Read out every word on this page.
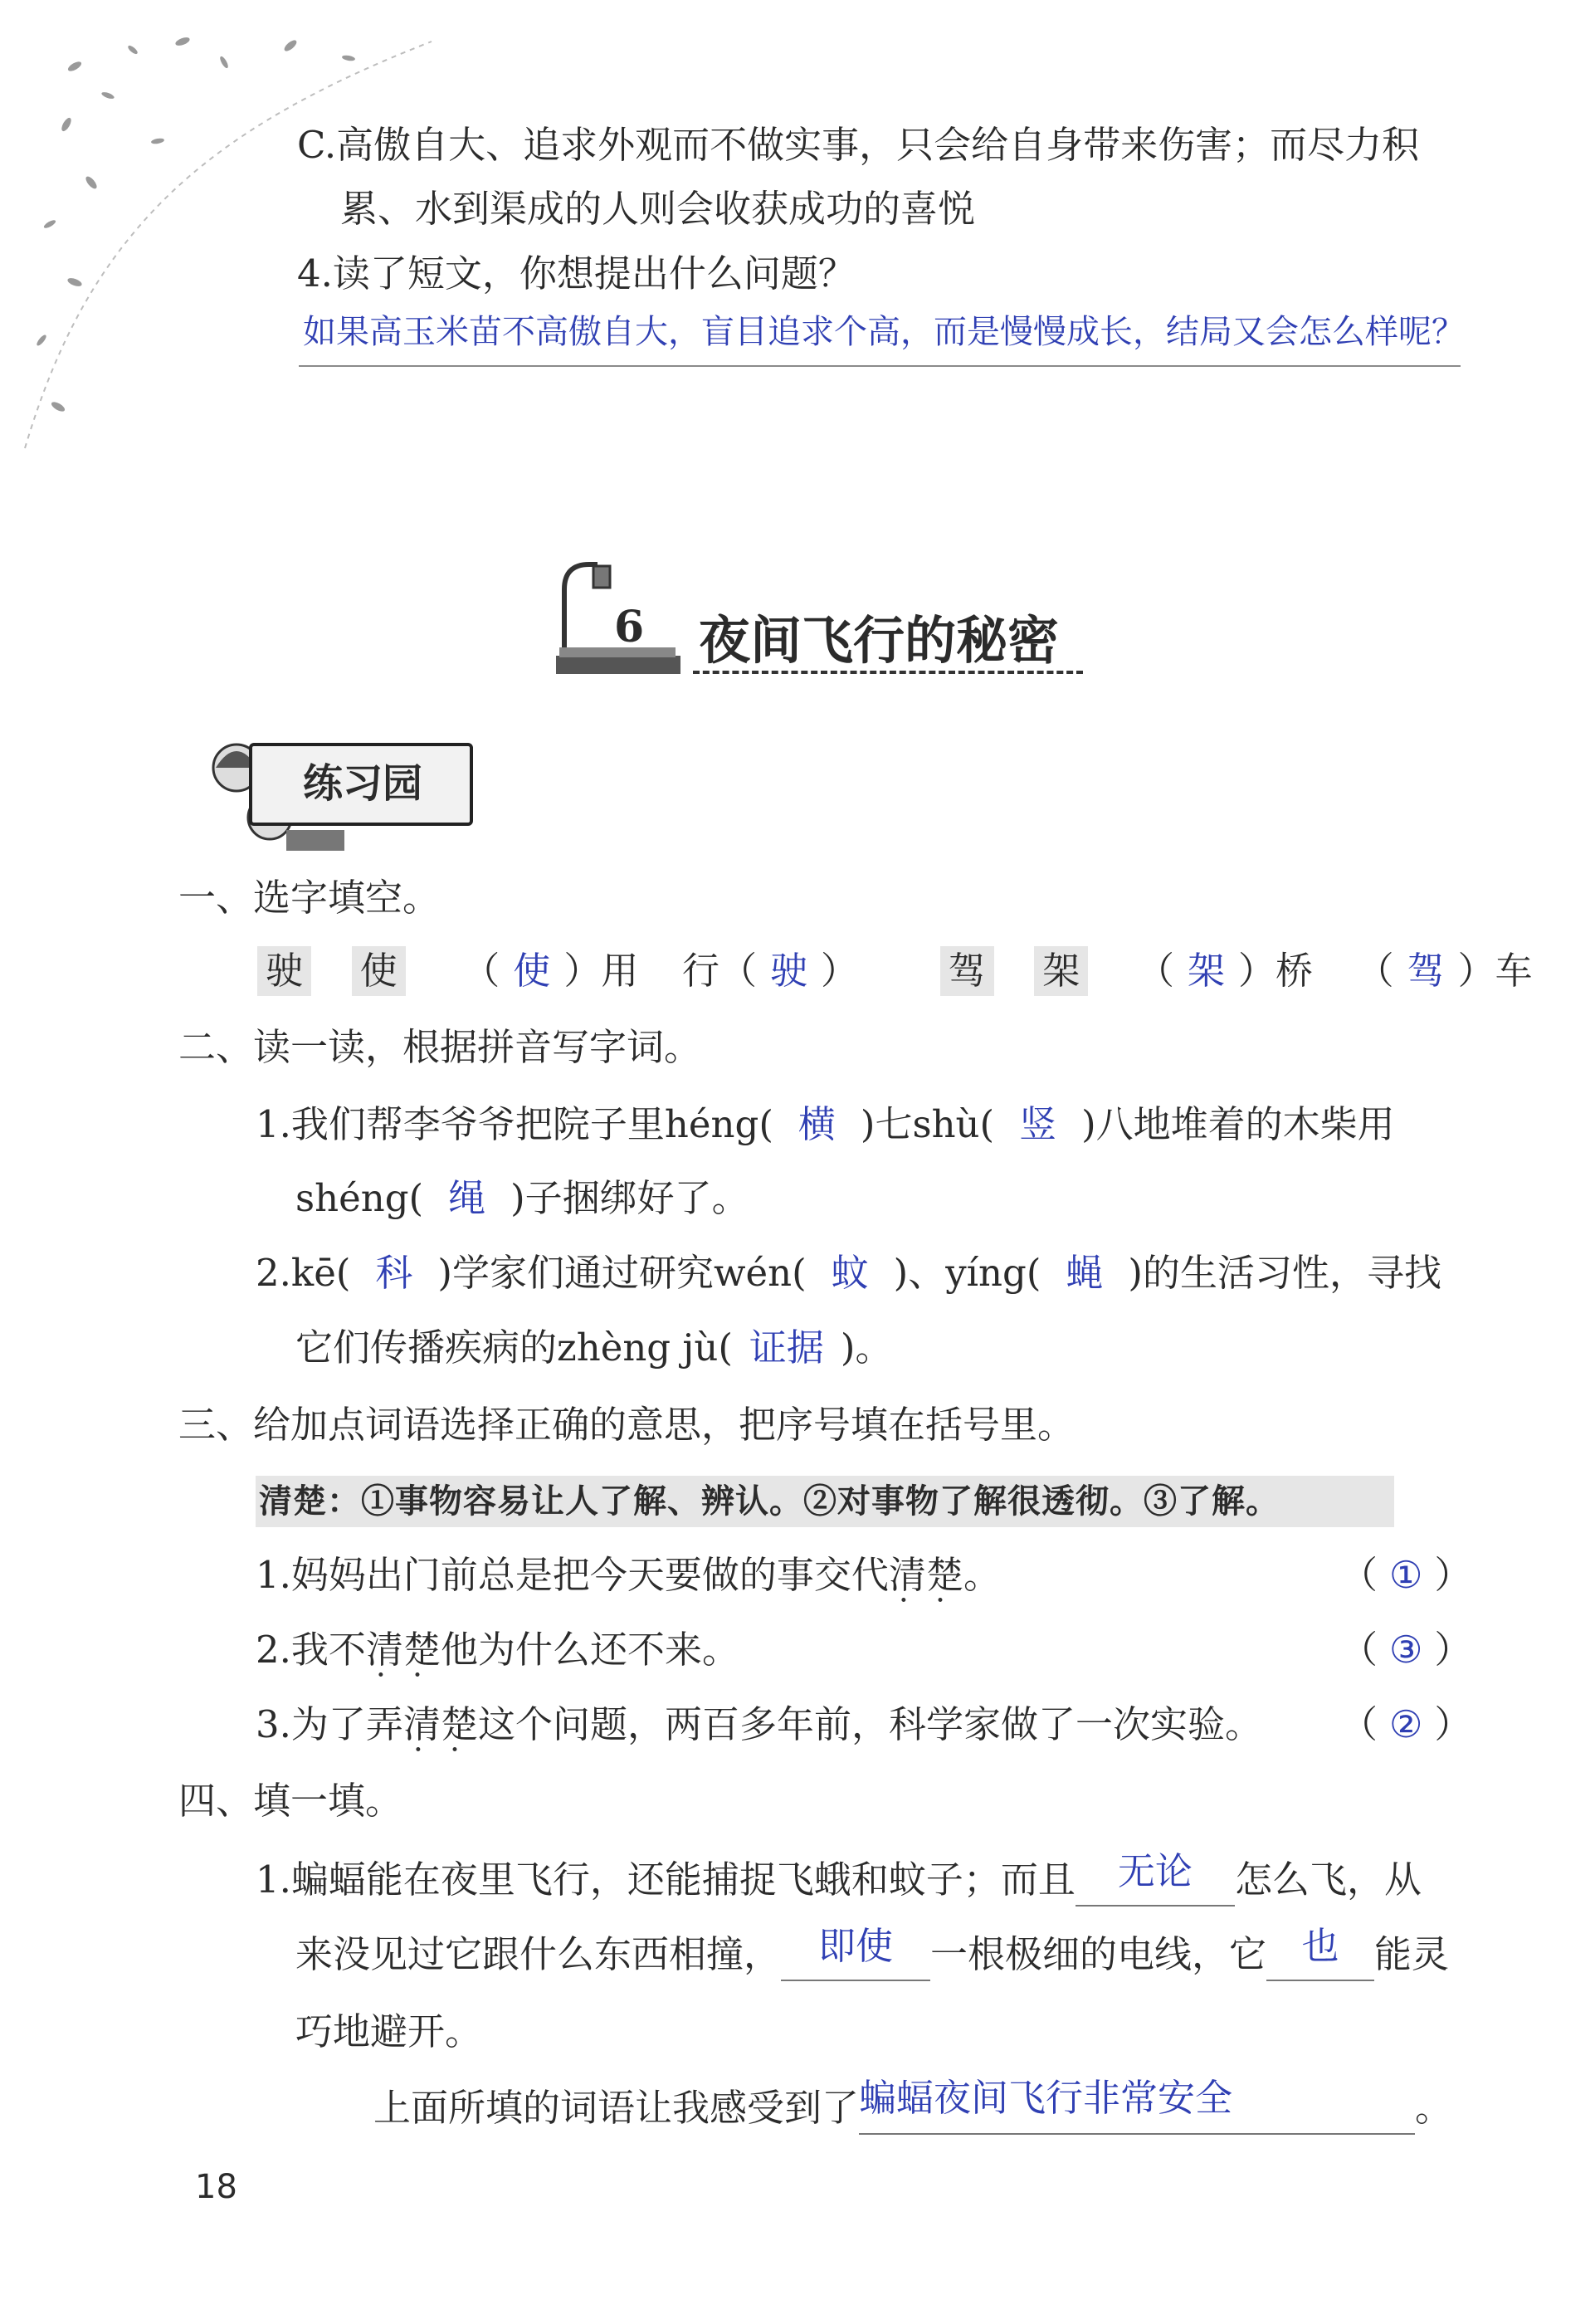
C.高傲自大、追求外观而不做实事，只会给自身带来伤害；而尽力积
累、水到渠成的人则会收获成功的喜悦
4.读了短文，你想提出什么问题？
如果高玉米苗不高傲自大，盲目追求个高，而是慢慢成长，结局又会怎么样呢？
6 夜间飞行的秘密
练习园
一、选字填空。
驶 使 （ 使 ）用 行（ 驶 ） 驾 架 （ 架 ）桥 （ 驾 ）车
二、读一读，根据拼音写字词。
1.我们帮李爷爷把院子里héng( 横 )七shù( 竖 )八地堆着的木柴用
shéng( 绳 )子捆绑好了。
2.kē( 科 )学家们通过研究wén( 蚊 )、yíng( 蝇 )的生活习性，寻找
它们传播疾病的zhèng jù( 证据 )。
三、给加点词语选择正确的意思，把序号填在括号里。
清楚：①事物容易让人了解、辨认。②对事物了解很透彻。③了解。
1.妈妈出门前总是把今天要做的事交代清楚 · ·。	（ ① ）
2.我不清楚 · ·他为什么还不来。	（ ③ ）
3.为了弄清楚 · ·这个问题，两百多年前，科学家做了一次实验。 （ ② ）
四、填一填。
1.蝙蝠能在夜里飞行，还能捕捉飞蛾和蚊子；而且 无论 怎么飞，从
来没见过它跟什么东西相撞， 即使 一根极细的电线，它 也 能灵
巧地避开。
上面所填的词语让我感受到了蝙蝠夜间飞行非常安全	。
18
